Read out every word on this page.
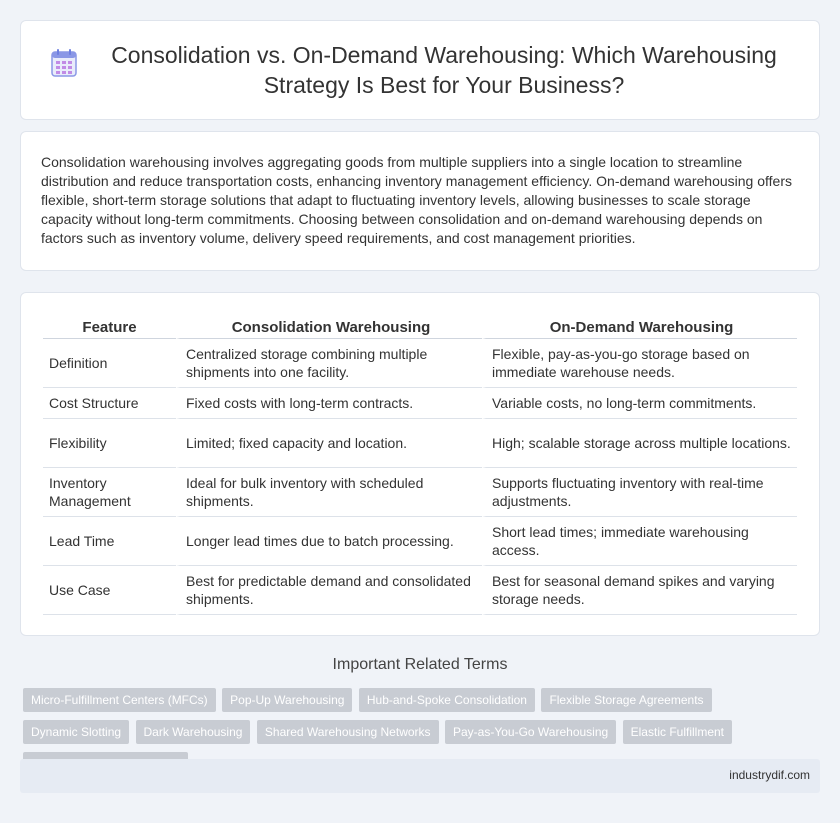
Consolidation vs. On-Demand Warehousing: Which Warehousing Strategy Is Best for Your Business?

Consolidation warehousing involves aggregating goods from multiple suppliers into a single location to streamline distribution and reduce transportation costs, enhancing inventory management efficiency. On-demand warehousing offers flexible, short-term storage solutions that adapt to fluctuating inventory levels, allowing businesses to scale storage capacity without long-term commitments. Choosing between consolidation and on-demand warehousing depends on factors such as inventory volume, delivery speed requirements, and cost management priorities.

Feature	Consolidation Warehousing	On-Demand Warehousing
Definition	Centralized storage combining multiple shipments into one facility.	Flexible, pay-as-you-go storage based on immediate warehouse needs.
Cost Structure	Fixed costs with long-term contracts.	Variable costs, no long-term commitments.
Flexibility	Limited; fixed capacity and location.	High; scalable storage across multiple locations.
Inventory Management	Ideal for bulk inventory with scheduled shipments.	Supports fluctuating inventory with real-time adjustments.
Lead Time	Longer lead times due to batch processing.	Short lead times; immediate warehousing access.
Use Case	Best for predictable demand and consolidated shipments.	Best for seasonal demand spikes and varying storage needs.
Important Related Terms
Micro-Fulfillment Centers (MFCs) Pop-Up Warehousing Hub-and-Spoke Consolidation Flexible Storage Agreements Dynamic Slotting Dark Warehousing Shared Warehousing Networks Pay-as-You-Go Warehousing Elastic Fulfillment
industrydif.com
